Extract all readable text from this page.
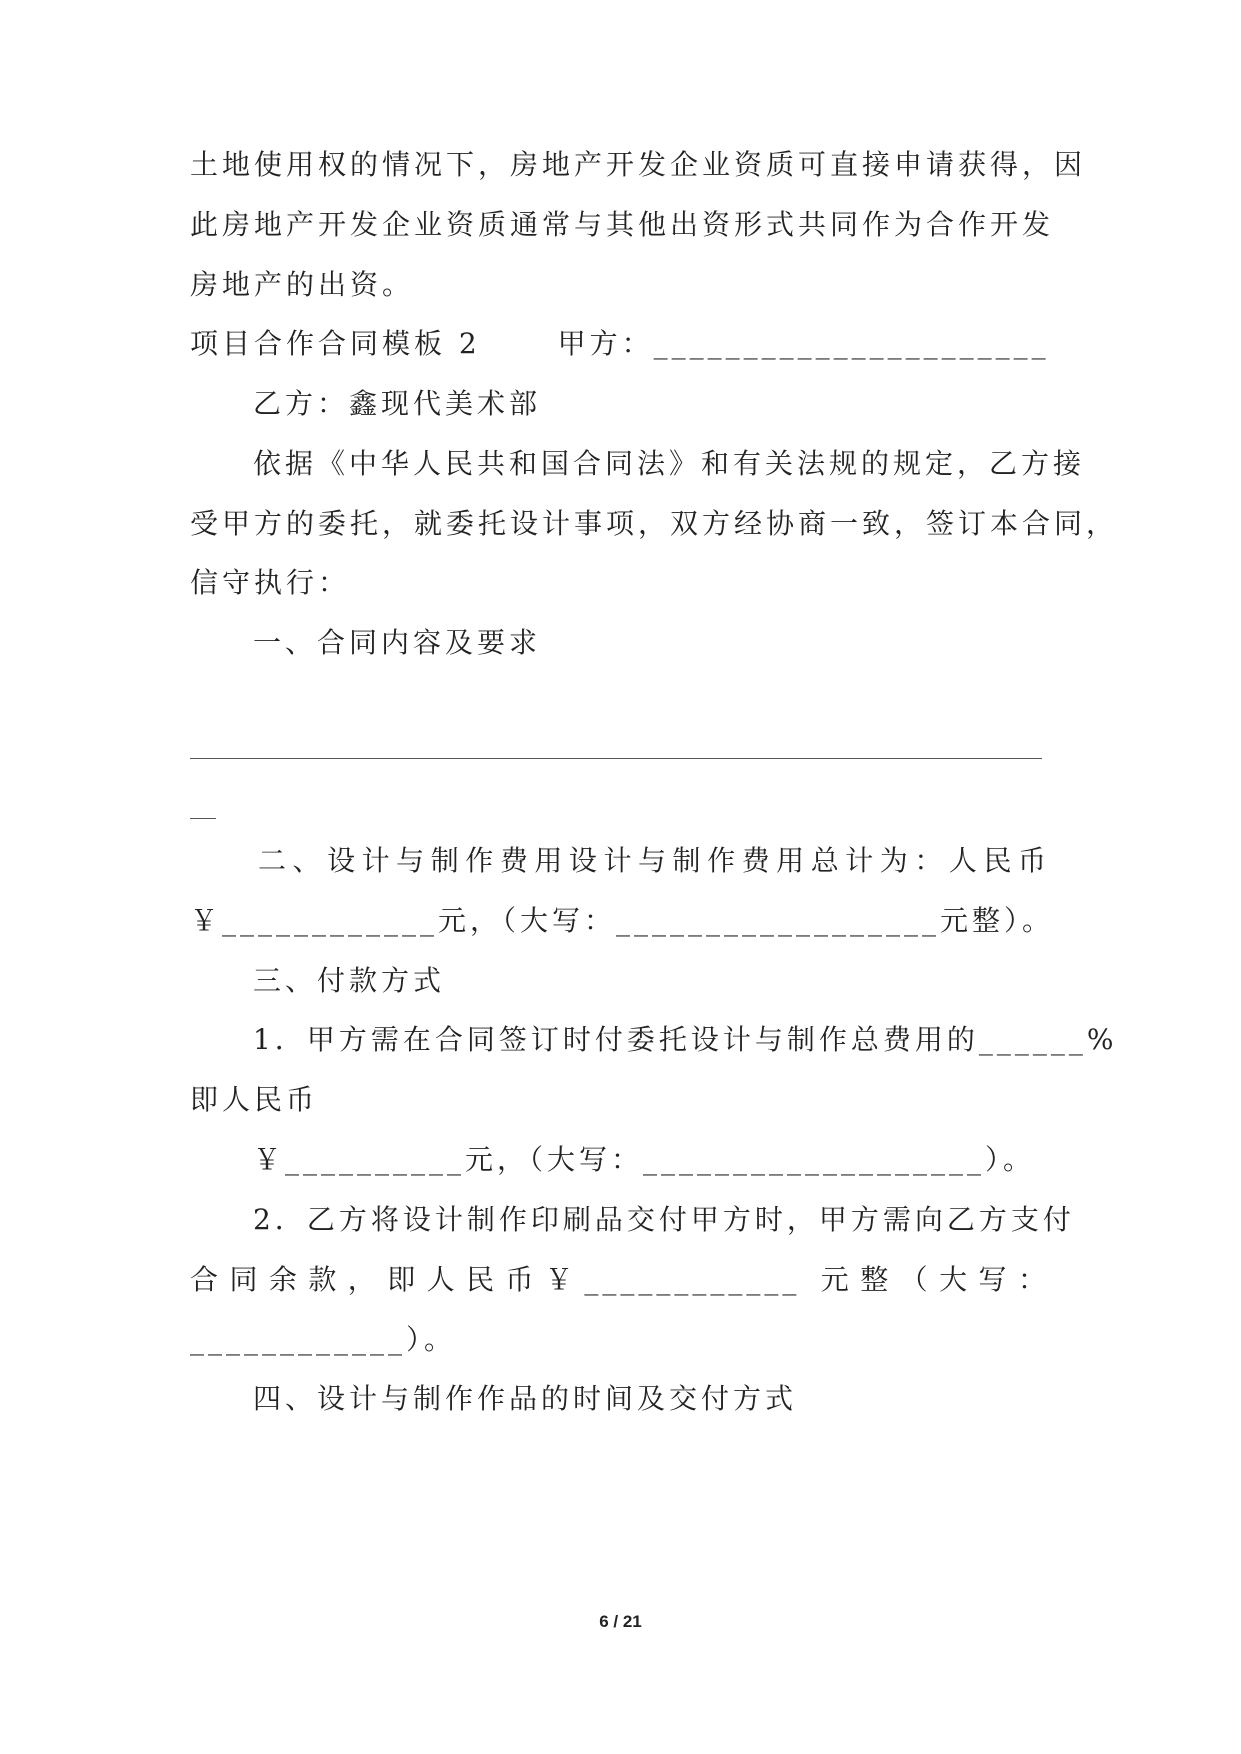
土地使用权的情况下，房地产开发企业资质可直接申请获得，因
此房地产开发企业资质通常与其他出资形式共同作为合作开发
房地产的出资。
项目合作合同模板 2　　 甲方：______________________
乙方：鑫现代美术部
依据《中华人民共和国合同法》和有关法规的规定，乙方接
受甲方的委托，就委托设计事项，双方经协商一致，签订本合同，
信守执行：
一、合同内容及要求
二、设计与制作费用设计与制作费用总计为：人民币
￥____________元，（大写：__________________元整）。
三、付款方式
1．甲方需在合同签订时付委托设计与制作总费用的______%
即人民币
￥__________元，（大写：___________________）。
2．乙方将设计制作印刷品交付甲方时，甲方需向乙方支付
合同余款，即人民币￥____________ 元整（大写：
____________）。
四、设计与制作作品的时间及交付方式
6 / 21
